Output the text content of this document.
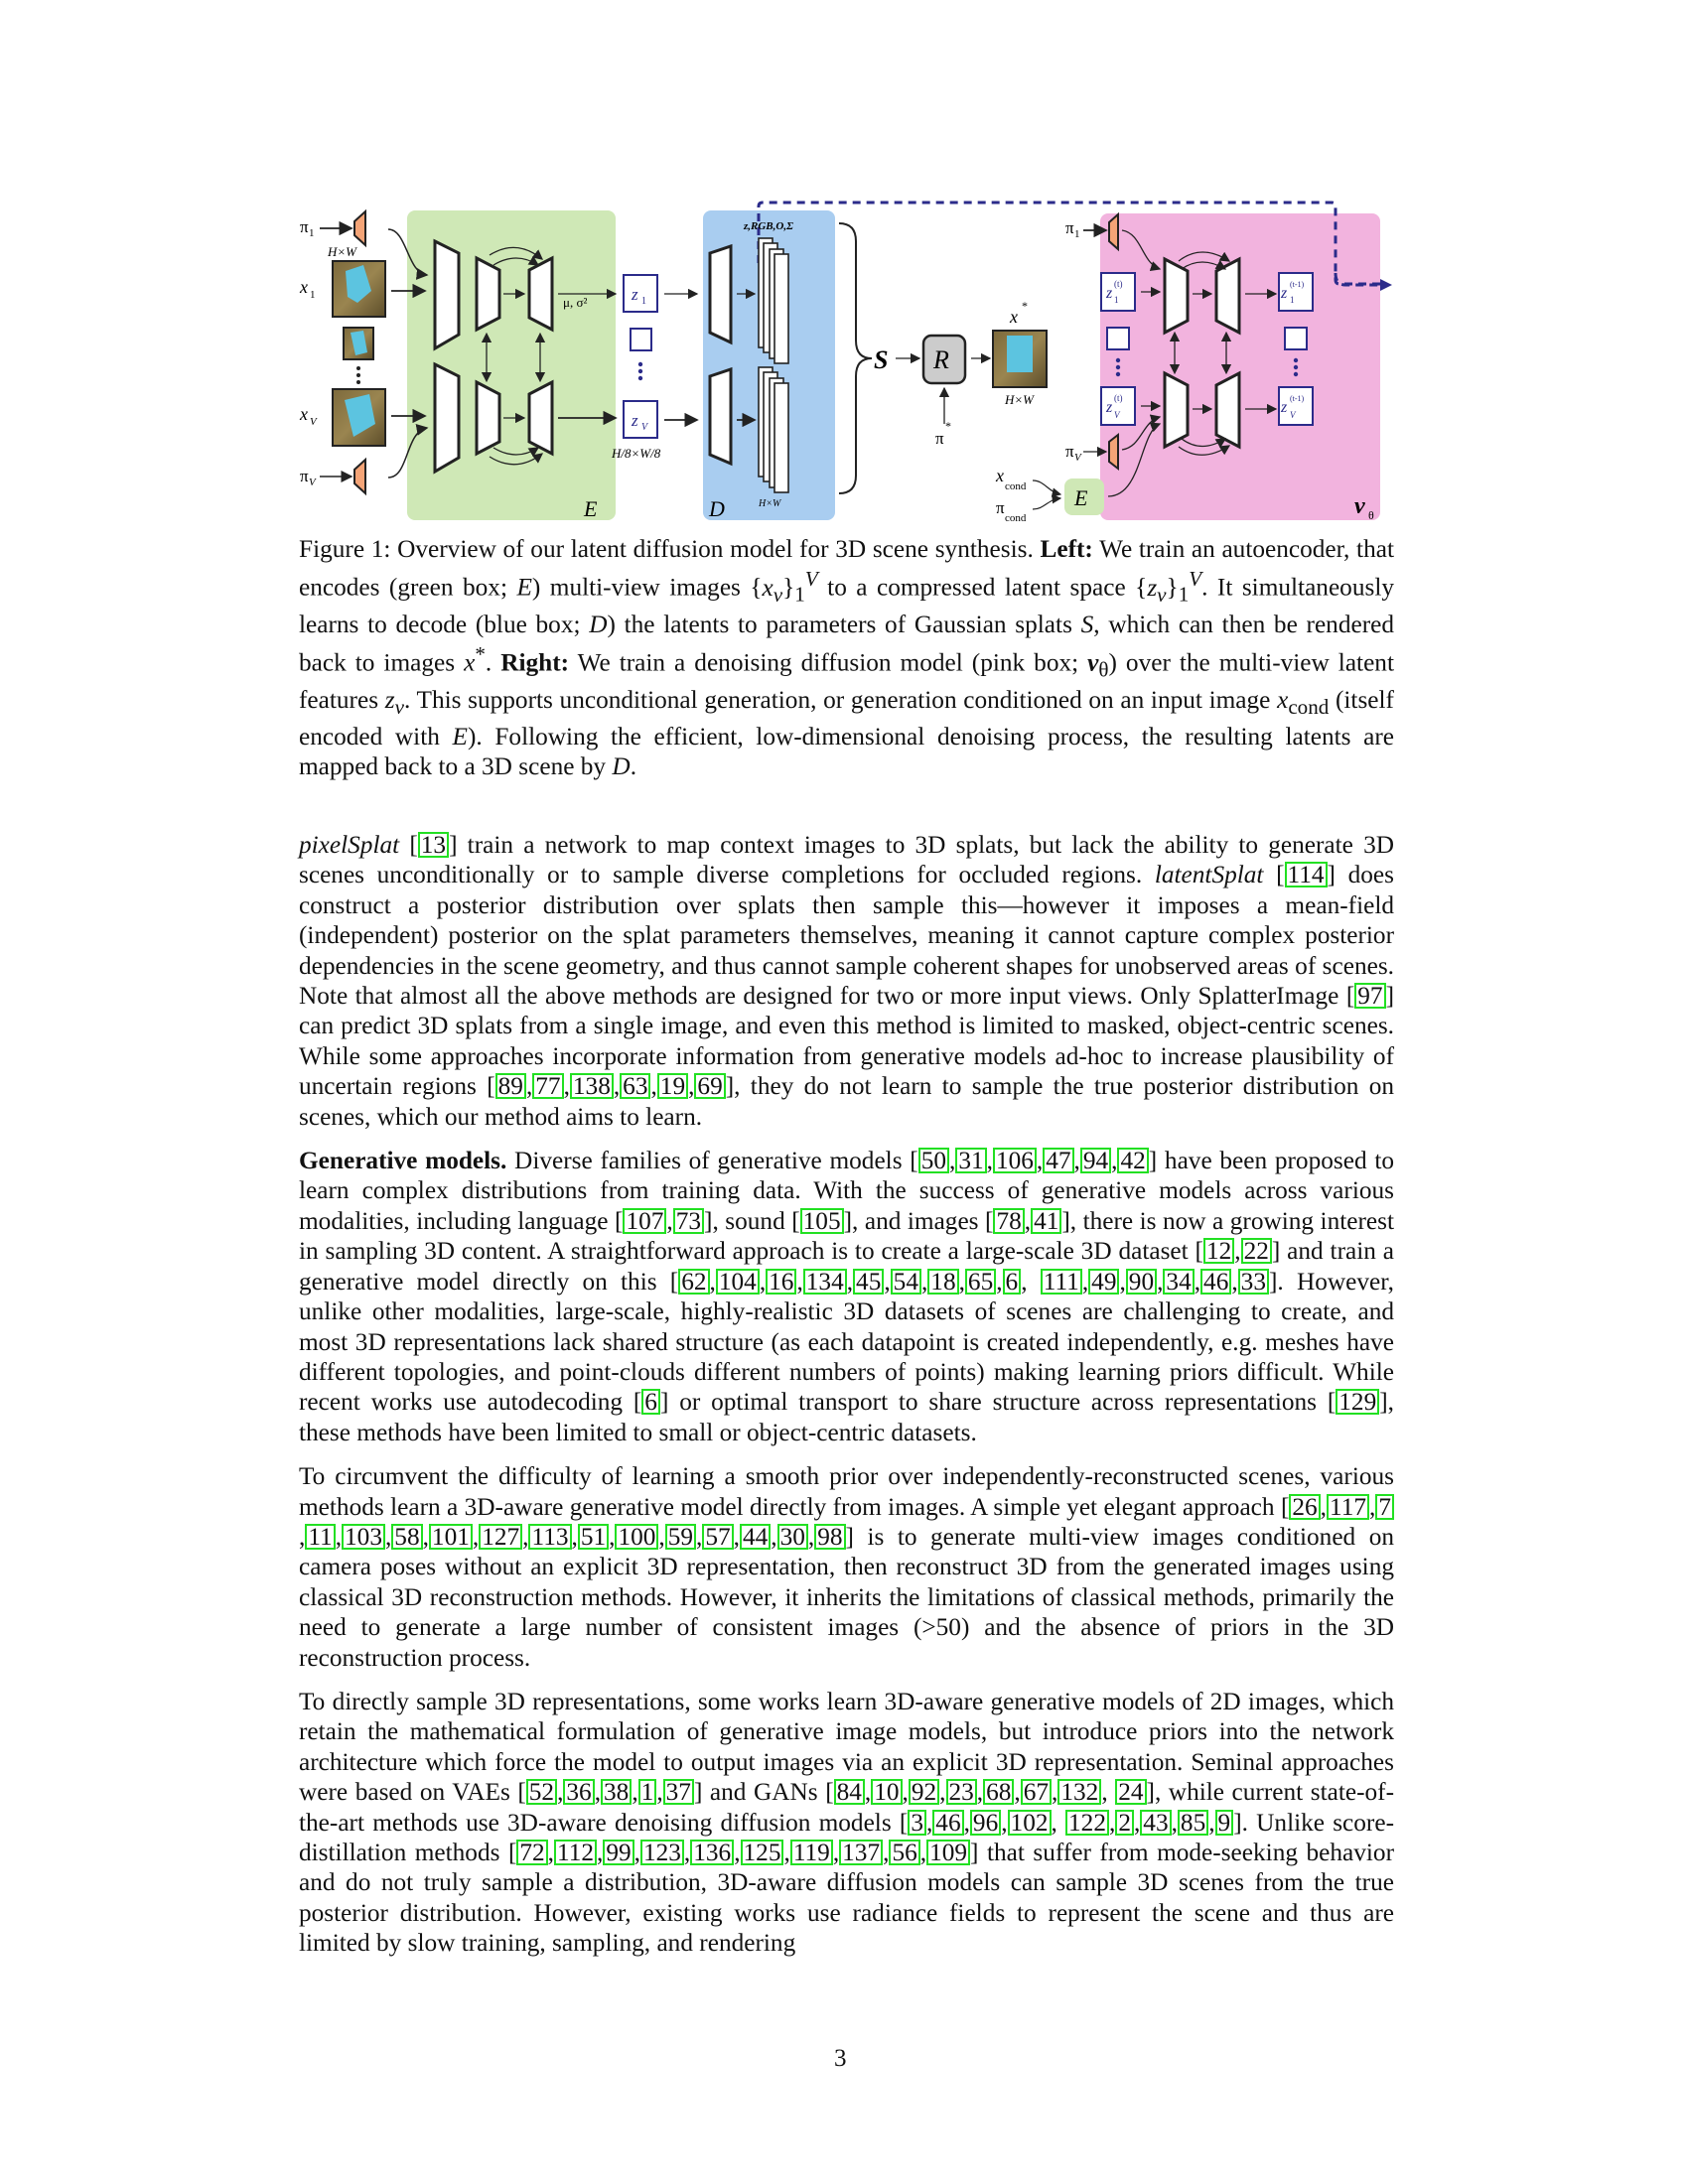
π 1
H×W
x 1
x V
π V
μ, σ²
E
z 1
z V
H/8×W/8
z,RGB,O,Σ
H×W
D
S R
π
*
x
*
H×W
π 1
z
(t)
1
z
(t)
V
π V
z
(t-1)
1
z
(t-1)
V
v θ
x
cond
π
cond
E
Figure 1: Overview of our latent diffusion model for 3D scene synthesis. Left: We train an autoencoder, that encodes (green box; E) multi-view images $\{x_v\}_1^V$ to a compressed latent space $\{z_v\}_1^V$. It simultaneously learns to decode (blue box; D) the latents to parameters of Gaussian splats S, which can then be rendered back to images x*. Right: We train a denoising diffusion model (pink box; $v_\theta$) over the multi-view latent features $z_v$. This supports unconditional generation, or generation conditioned on an input image $x_{cond}$ (itself encoded with E). Following the efficient, low-dimensional denoising process, the resulting latents are mapped back to a 3D scene by D.

pixelSplat [ 13 ] train a network to map context images to 3D splats, but lack the ability to generate 3D scenes unconditionally or to sample diverse completions for occluded regions. latentSplat [ 114 ] does construct a posterior distribution over splats then sample this—however it imposes a mean-field (independent) posterior on the splat parameters themselves, meaning it cannot capture complex posterior dependencies in the scene geometry, and thus cannot sample coherent shapes for unobserved areas of scenes. Note that almost all the above methods are designed for two or more input views. Only SplatterImage [ 97 ] can predict 3D splats from a single image, and even this method is limited to masked, object-centric scenes. While some approaches incorporate information from generative models ad-hoc to increase plausibility of uncertain regions [ 89 , 77 , 138 , 63 , 19 , 69 ], they do not learn to sample the true posterior distribution on scenes, which our method aims to learn.

Generative models. Diverse families of generative models [ 50 , 31 , 106 , 47 , 94 , 42 ] have been proposed to learn complex distributions from training data. With the success of generative models across various modalities, including language [ 107 , 73 ], sound [ 105 ], and images [ 78 , 41 ], there is now a growing interest in sampling 3D content. A straightforward approach is to create a large-scale 3D dataset [ 12 , 22 ] and train a generative model directly on this [ 62 , 104 , 16 , 134 , 45 , 54 , 18 , 65 , 6 , 111 , 49 , 90 , 34 , 46 , 33 ]. However, unlike other modalities, large-scale, highly-realistic 3D datasets of scenes are challenging to create, and most 3D representations lack shared structure (as each datapoint is created independently, e.g. meshes have different topologies, and point-clouds different numbers of points) making learning priors difficult. While recent works use autodecoding [ 6 ] or optimal transport to share structure across representations [ 129 ], these methods have been limited to small or object-centric datasets.

To circumvent the difficulty of learning a smooth prior over independently-reconstructed scenes, various methods learn a 3D-aware generative model directly from images. A simple yet elegant approach [ 26 , 117 , 7, 11 , 103 , 58 , 101 , 127 , 113 , 51 , 100 , 59 , 57 , 44 , 30 , 98 ] is to generate multi-view images conditioned on camera poses without an explicit 3D representation, then reconstruct 3D from the generated images using classical 3D reconstruction methods. However, it inherits the limitations of classical methods, primarily the need to generate a large number of consistent images (>50) and the absence of priors in the 3D reconstruction process.

To directly sample 3D representations, some works learn 3D-aware generative models of 2D images, which retain the mathematical formulation of generative image models, but introduce priors into the network architecture which force the model to output images via an explicit 3D representation. Seminal approaches were based on VAEs [ 52 , 36 , 38 , 1 , 37 ] and GANs [ 84 , 10 , 92 , 23 , 68 , 67 , 132 , 24 ], while current state-of-the-art methods use 3D-aware denoising diffusion models [ 3 , 46 , 96 , 102 , 122 , 2 , 43 , 85 , 9 ]. Unlike score-distillation methods [ 72 , 112 , 99 , 123 , 136 , 125 , 119 , 137 , 56 , 109 ] that suffer from mode-seeking behavior and do not truly sample a distribution, 3D-aware diffusion models can sample 3D scenes from the true posterior distribution. However, existing works use radiance fields to represent the scene and thus are limited by slow training, sampling, and rendering

3
